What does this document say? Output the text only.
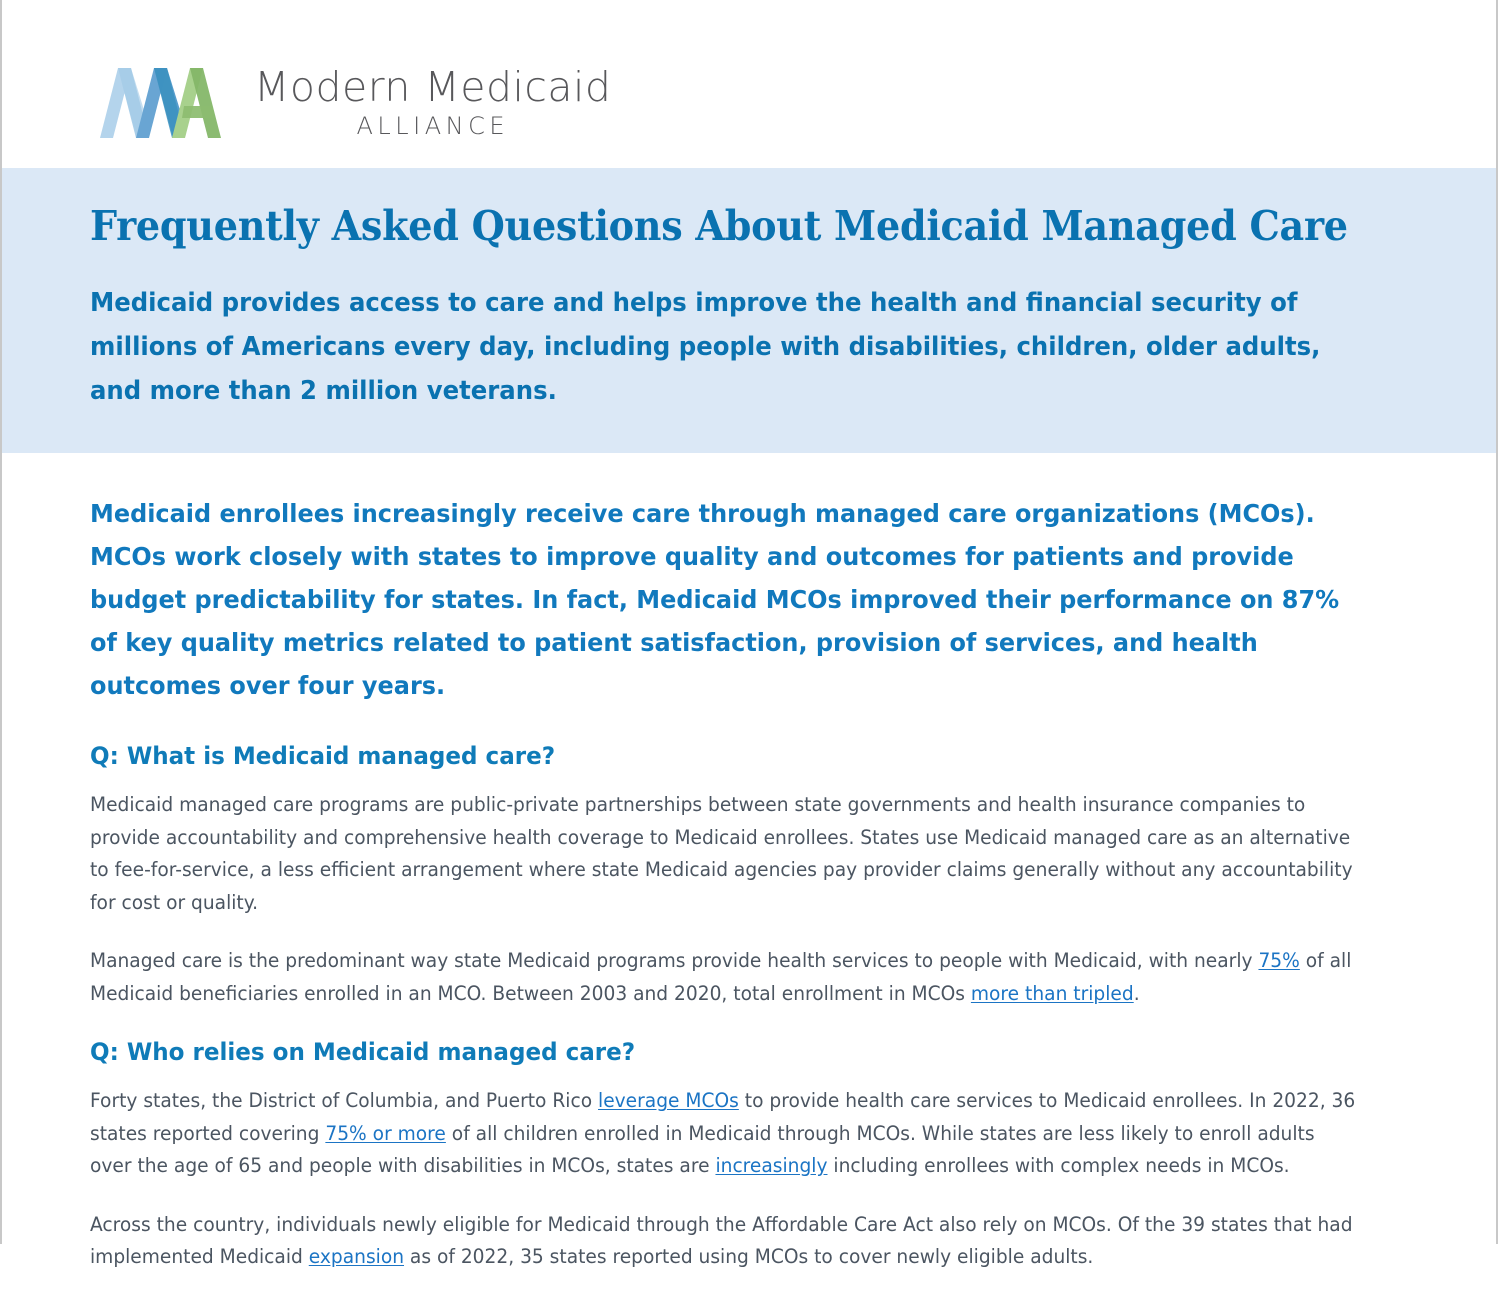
Modern Medicaid
ALLIANCE
Frequently Asked Questions About Medicaid Managed Care
Medicaid provides access to care and helps improve the health and financial security of millions of Americans every day, including people with disabilities, children, older adults, and more than 2 million veterans.

Medicaid enrollees increasingly receive care through managed care organizations (MCOs). MCOs work closely with states to improve quality and outcomes for patients and provide budget predictability for states. In fact, Medicaid MCOs improved their performance on 87% of key quality metrics related to patient satisfaction, provision of services, and health outcomes over four years.

Q: What is Medicaid managed care?

Medicaid managed care programs are public-private partnerships between state governments and health insurance companies to provide accountability and comprehensive health coverage to Medicaid enrollees. States use Medicaid managed care as an alternative to fee-for-service, a less efficient arrangement where state Medicaid agencies pay provider claims generally without any accountability for cost or quality.

Managed care is the predominant way state Medicaid programs provide health services to people with Medicaid, with nearly 75% of all Medicaid beneficiaries enrolled in an MCO. Between 2003 and 2020, total enrollment in MCOs more than tripled.

Q: Who relies on Medicaid managed care?

Forty states, the District of Columbia, and Puerto Rico leverage MCOs to provide health care services to Medicaid enrollees. In 2022, 36 states reported covering 75% or more of all children enrolled in Medicaid through MCOs. While states are less likely to enroll adults over the age of 65 and people with disabilities in MCOs, states are increasingly including enrollees with complex needs in MCOs.

Across the country, individuals newly eligible for Medicaid through the Affordable Care Act also rely on MCOs. Of the 39 states that had implemented Medicaid expansion as of 2022, 35 states reported using MCOs to cover newly eligible adults.
